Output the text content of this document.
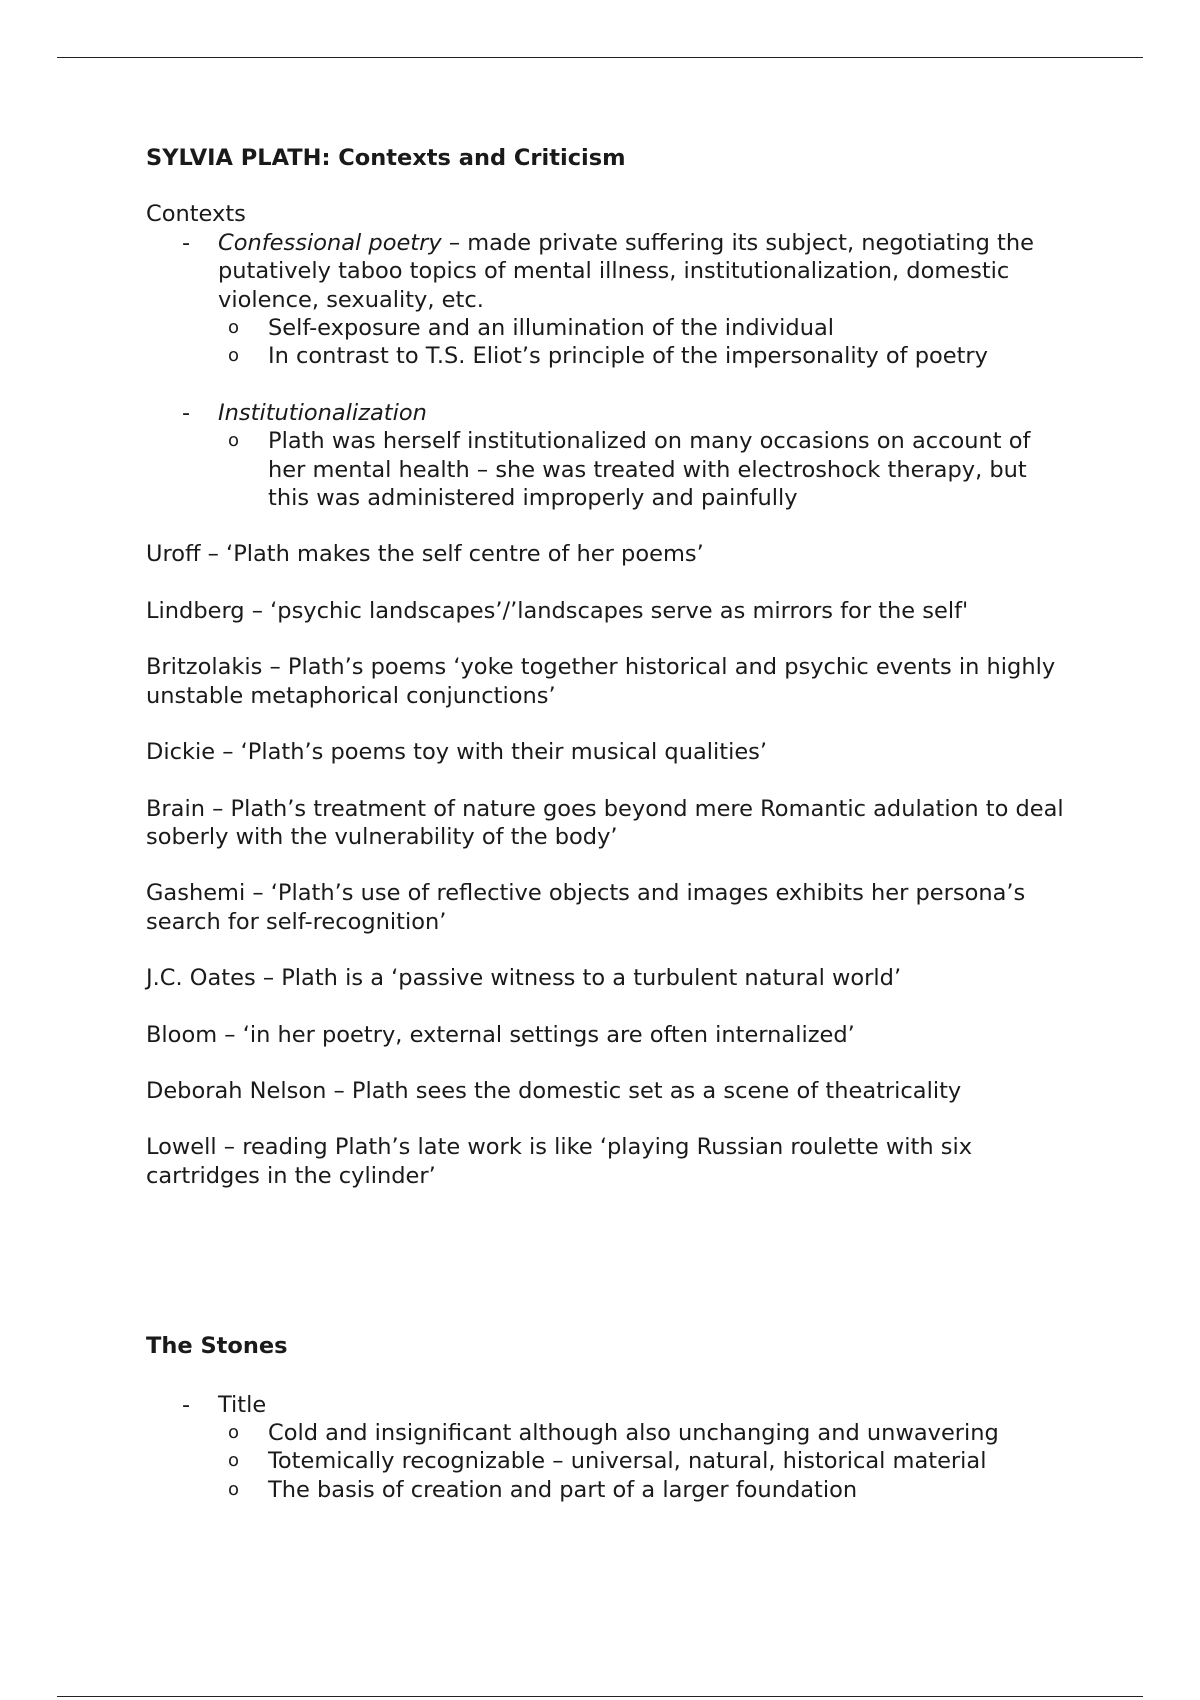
SYLVIA PLATH: Contexts and Criticism
Contexts
- Confessional poetry – made private suffering its subject, negotiating the putatively taboo topics of mental illness, institutionalization, domestic violence, sexuality, etc.
o Self-exposure and an illumination of the individual
o In contrast to T.S. Eliot’s principle of the impersonality of poetry
- Institutionalization
o Plath was herself institutionalized on many occasions on account of her mental health – she was treated with electroshock therapy, but this was administered improperly and painfully

Uroff – ‘Plath makes the self centre of her poems’

Lindberg – ‘psychic landscapes’/’landscapes serve as mirrors for the self'

Britzolakis – Plath’s poems ‘yoke together historical and psychic events in highly unstable metaphorical conjunctions’

Dickie – ‘Plath’s poems toy with their musical qualities’

Brain – Plath’s treatment of nature goes beyond mere Romantic adulation to deal soberly with the vulnerability of the body’

Gashemi – ‘Plath’s use of reflective objects and images exhibits her persona’s search for self-recognition’

J.C. Oates – Plath is a ‘passive witness to a turbulent natural world’

Bloom – ‘in her poetry, external settings are often internalized’

Deborah Nelson – Plath sees the domestic set as a scene of theatricality

Lowell – reading Plath’s late work is like ‘playing Russian roulette with six cartridges in the cylinder’

The Stones
- Title
o Cold and insignificant although also unchanging and unwavering
o Totemically recognizable – universal, natural, historical material
o The basis of creation and part of a larger foundation
